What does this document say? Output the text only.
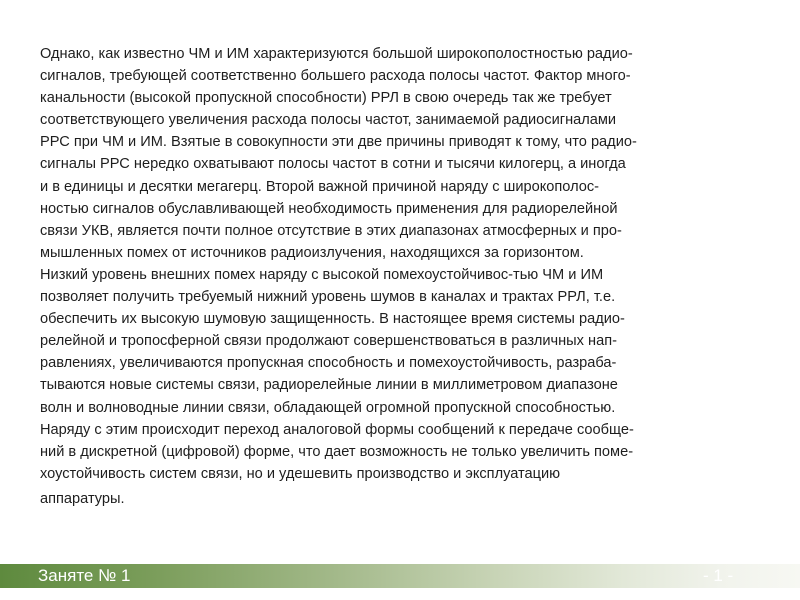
Однако, как известно ЧМ и ИМ характеризуются большой широкополостностью радио-
сигналов, требующей соответственно большего расхода полосы частот. Фактор много-
канальности (высокой пропускной способности) РРЛ в свою очередь так же требует
соответствующего увеличения расхода полосы частот, занимаемой радиосигналами
РРС при ЧМ и ИМ. Взятые в совокупности эти две причины приводят к тому, что радио-
сигналы РРС нередко охватывают полосы частот в сотни и тысячи килогерц, а иногда
и в единицы и десятки мегагерц. Второй важной причиной наряду с широкополос-
ностью сигналов обуславливающей необходимость применения для радиорелейной
связи УКВ, является почти полное отсутствие в этих диапазонах атмосферных и про-
мышленных помех от источников радиоизлучения, находящихся за горизонтом.
Низкий уровень внешних помех наряду с высокой помехоустойчивос-тью ЧМ и ИМ
позволяет получить требуемый нижний уровень шумов в каналах и трактах РРЛ, т.е.
обеспечить их высокую шумовую защищенность. В настоящее время системы радио-
релейной и тропосферной связи продолжают совершенствоваться в различных нап-
равлениях, увеличиваются пропускная способность и помехоустойчивость, разраба-
тываются новые системы связи, радиорелейные линии в миллиметровом диапазоне
волн и волноводные линии связи, обладающей огромной пропускной способностью.
Наряду с этим происходит переход аналоговой формы сообщений к передаче сообще-
ний в дискретной (цифровой) форме, что дает возможность не только увеличить поме-
хоустойчивость систем связи, но и удешевить производство и эксплуатацию
аппаратуры.
Заняте № 1	- 1 -
